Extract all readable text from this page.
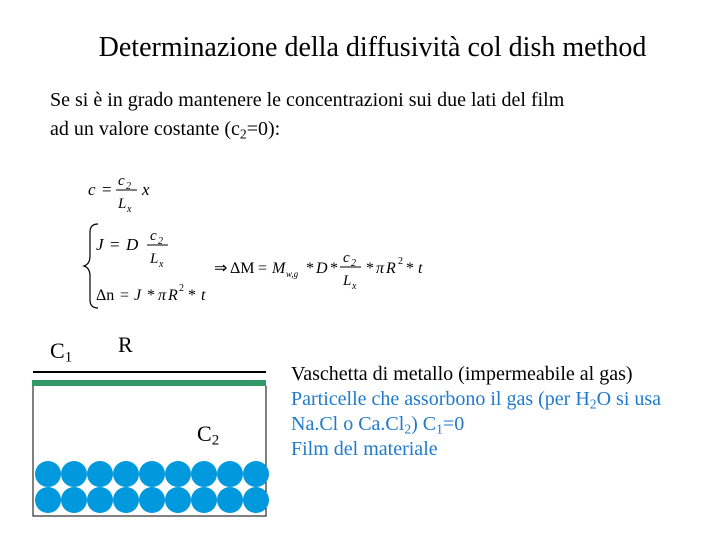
Determinazione della diffusività col dish method
Se si è in grado mantenere le concentrazioni sui due lati del film
ad un valore costante $(c_2=0)$:
c = c 2
L x
x
J = D c 2
L x
Δn = J * π R 2 * t
⇒ ΔM = M w,g * D *
c 2
L x
* π R 2 * t
$C_1$
R
$C_2$
Vaschetta di metallo (impermeabile al gas)
Particelle che assorbono il gas (per $H_2O$ si usa Na.Cl o $Ca.Cl_2$) $C_1=0$
Film del materiale
